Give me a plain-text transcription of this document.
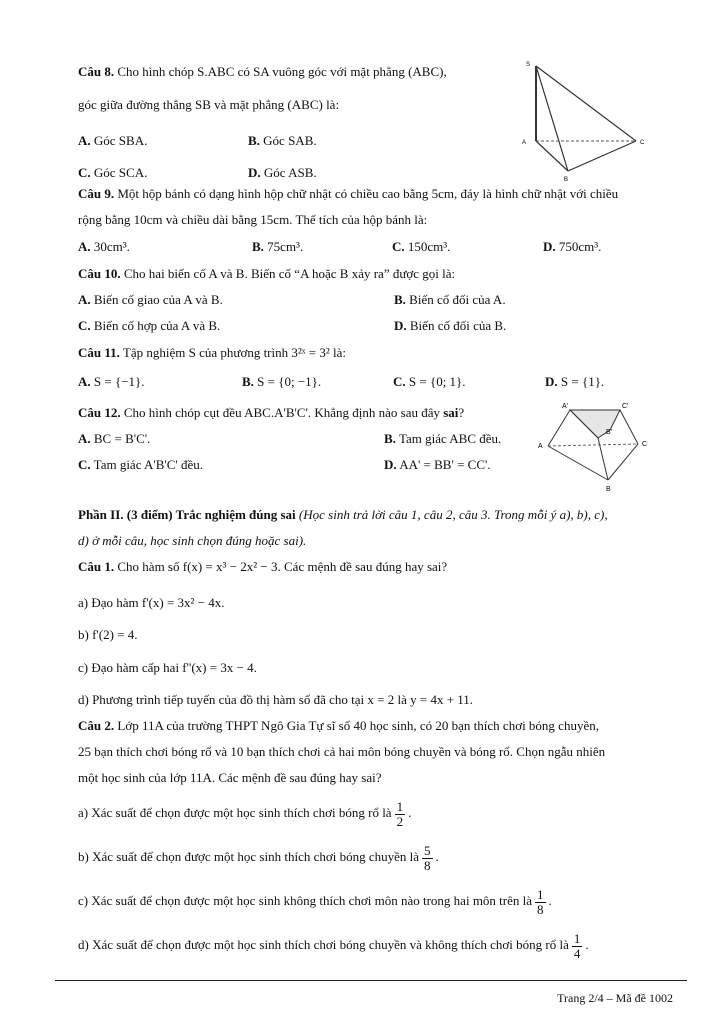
Câu 8. Cho hình chóp S.ABC có SA vuông góc với mặt phẳng (ABC),
góc giữa đường thẳng SB và mặt phẳng (ABC) là:
A. Góc SBA.	B. Góc SAB.
C. Góc SCA.	D. Góc ASB.
S
A
B
C
Câu 9. Một hộp bánh có dạng hình hộp chữ nhật có chiều cao bằng 5cm, đáy là hình chữ nhật với chiều
rộng bằng 10cm và chiều dài bằng 15cm. Thể tích của hộp bánh là:
A. 30cm³.	B. 75cm³.	C. 150cm³.	D. 750cm³.
Câu 10. Cho hai biến cố A và B. Biến cố “A hoặc B xảy ra” được gọi là:
A. Biến cố giao của A và B.	B. Biến cố đối của A.
C. Biến cố hợp của A và B.	D. Biến cố đối của B.
Câu 11. Tập nghiệm S của phương trình 3²ˣ = 3² là:
A. S = {−1}.	B. S = {0; −1}.	C. S = {0; 1}.	D. S = {1}.
Câu 12. Cho hình chóp cụt đều ABC.A'B'C'. Khẳng định nào sau đây sai?
A. BC = B'C'.	B. Tam giác ABC đều.
C. Tam giác A'B'C' đều.	D. AA' = BB' = CC'.
A'	C'
B'
A	C
B
Phần II. (3 điểm) Trắc nghiệm đúng sai (Học sinh trả lời câu 1, câu 2, câu 3. Trong mỗi ý a), b), c),
d) ở mỗi câu, học sinh chọn đúng hoặc sai).
Câu 1. Cho hàm số f(x) = x³ − 2x² − 3. Các mệnh đề sau đúng hay sai?
a) Đạo hàm f'(x) = 3x² − 4x.
b) f'(2) = 4.
c) Đạo hàm cấp hai f''(x) = 3x − 4.
d) Phương trình tiếp tuyến của đồ thị hàm số đã cho tại x = 2 là y = 4x + 11.
Câu 2. Lớp 11A của trường THPT Ngô Gia Tự sĩ số 40 học sinh, có 20 bạn thích chơi bóng chuyền,
25 bạn thích chơi bóng rổ và 10 bạn thích chơi cả hai môn bóng chuyền và bóng rổ. Chọn ngẫu nhiên
một học sinh của lớp 11A. Các mệnh đề sau đúng hay sai?
a) Xác suất để chọn được một học sinh thích chơi bóng rổ là $\frac{1}{2}$ .
b) Xác suất để chọn được một học sinh thích chơi bóng chuyền là $\frac{5}{8}$ .
c) Xác suất để chọn được một học sinh không thích chơi môn nào trong hai môn trên là $\frac{1}{8}$ .
d) Xác suất để chọn được một học sinh thích chơi bóng chuyền và không thích chơi bóng rổ là $\frac{1}{4}$ .
Trang 2/4 – Mã đề 1002
